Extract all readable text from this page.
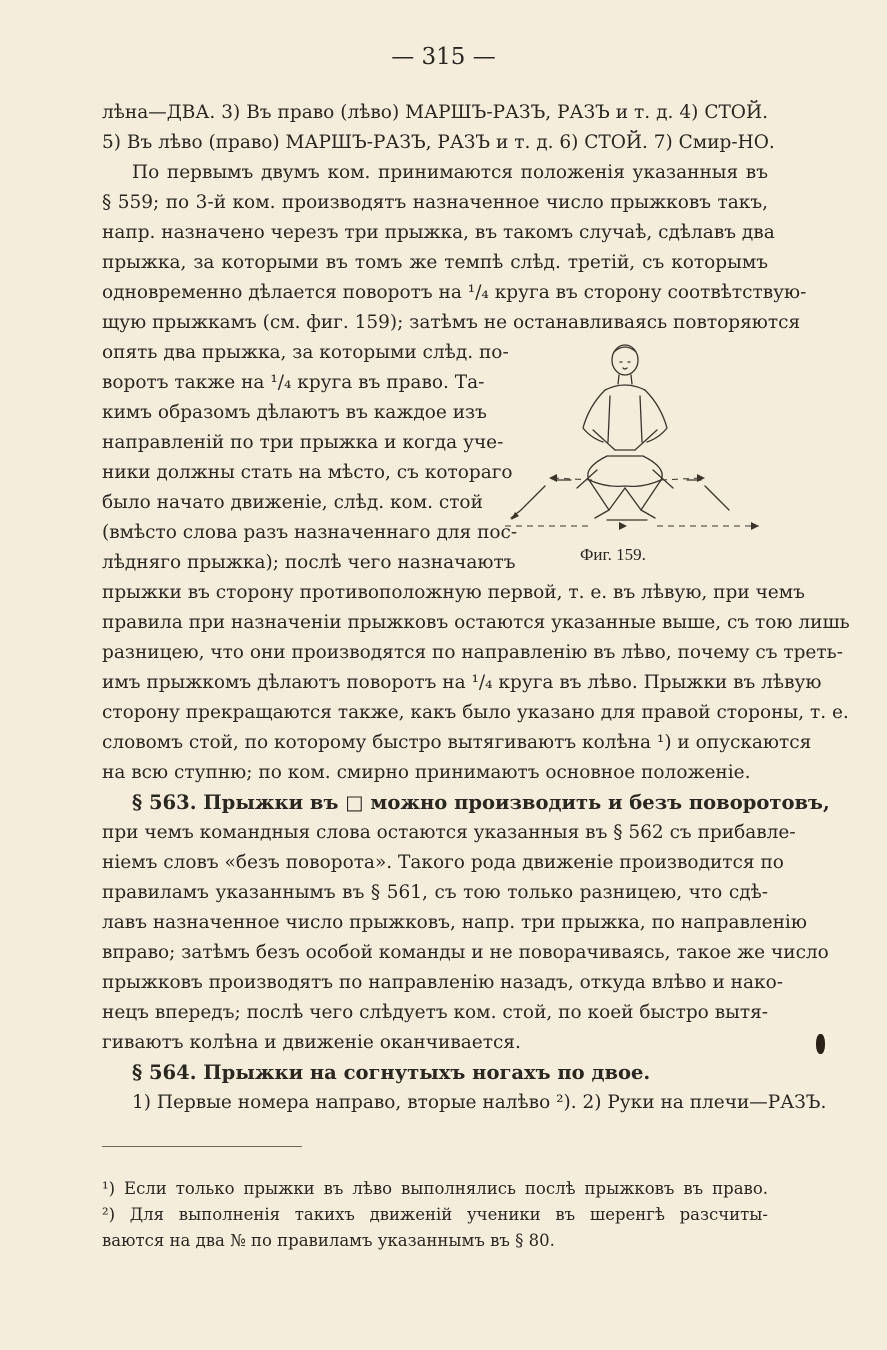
— 315 —
лѣна—ДВА. 3) Въ право (лѣво) МАРШЪ-РАЗЪ, РАЗЪ и т. д. 4) СТОЙ.
5) Въ лѣво (право) МАРШЪ-РАЗЪ, РАЗЪ и т. д. 6) СТОЙ. 7) Смир-НО.
По первымъ двумъ ком. принимаются положенія указанныя въ
§ 559; по 3-й ком. производятъ назначенное число прыжковъ такъ,
напр. назначено черезъ три прыжка, въ такомъ случаѣ, сдѣлавъ два
прыжка, за которыми въ томъ же темпѣ слѣд. третій, съ которымъ
одновременно дѣлается поворотъ на ¹/₄ круга въ сторону соотвѣтствую-
щую прыжкамъ (см. фиг. 159); затѣмъ не останавливаясь повторяются
опять два прыжка, за которыми слѣд. по-
воротъ также на ¹/₄ круга въ право. Та-
кимъ образомъ дѣлаютъ въ каждое изъ
направленій по три прыжка и когда уче-
ники должны стать на мѣсто, съ котораго
было начато движеніе, слѣд. ком. стой
(вмѣсто слова разъ назначеннаго для пос-
лѣдняго прыжка); послѣ чего назначаютъ
прыжки въ сторону противоположную первой, т. е. въ лѣвую, при чемъ
правила при назначеніи прыжковъ остаются указанные выше, съ тою лишь
разницею, что они производятся по направленію въ лѣво, почему съ треть-
имъ прыжкомъ дѣлаютъ поворотъ на ¹/₄ круга въ лѣво. Прыжки въ лѣвую
сторону прекращаются также, какъ было указано для правой стороны, т. е.
словомъ стой, по которому быстро вытягиваютъ колѣна ¹) и опускаются
на всю ступню; по ком. смирно принимаютъ основное положеніе.
§ 563. Прыжки въ □ можно производить и безъ поворотовъ,
при чемъ командныя слова остаются указанныя въ § 562 съ прибавле-
ніемъ словъ «безъ поворота». Такого рода движеніе производится по
правиламъ указаннымъ въ § 561, съ тою только разницею, что сдѣ-
лавъ назначенное число прыжковъ, напр. три прыжка, по направленію
вправо; затѣмъ безъ особой команды и не поворачиваясь, такое же число
прыжковъ производятъ по направленію назадъ, откуда влѣво и нако-
нецъ впередъ; послѣ чего слѣдуетъ ком. стой, по коей быстро вытя-
гиваютъ колѣна и движеніе оканчивается.
§ 564. Прыжки на согнутыхъ ногахъ по двое.
1) Первые номера направо, вторые налѣво ²). 2) Руки на плечи—РАЗЪ.
Фиг. 159.
¹) Если только прыжки въ лѣво выполнялись послѣ прыжковъ въ право.
²) Для выполненія такихъ движеній ученики въ шеренгѣ разсчиты-
ваются на два № по правиламъ указаннымъ въ § 80.
